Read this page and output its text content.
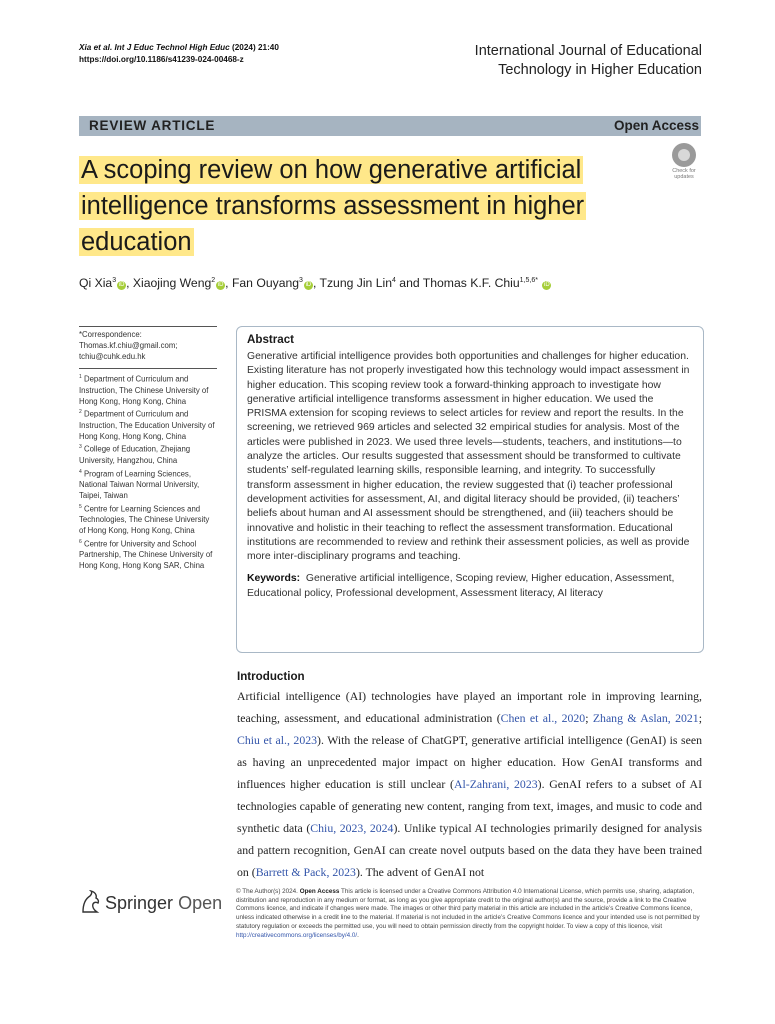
Xia et al. Int J Educ Technol High Educ (2024) 21:40
https://doi.org/10.1186/s41239-024-00468-z
International Journal of Educational
Technology in Higher Education
REVIEW ARTICLE	Open Access
A scoping review on how generative artificial intelligence transforms assessment in higher education
Check for
updates
Qi Xia$^3$iD , Xiaojing Weng$^2$iD , Fan Ouyang$^3$iD , Tzung Jin Lin$^4$ and Thomas K.F. Chiu$^{1,5,6*}$ iD
*Correspondence:
Thomas.kf.chiu@gmail.com;
tchiu@cuhk.edu.hk

$^1$ Department of Curriculum and Instruction, The Chinese University of Hong Kong, Hong Kong, China

$^2$ Department of Curriculum and Instruction, The Education University of Hong Kong, Hong Kong, China

$^3$ College of Education, Zhejiang University, Hangzhou, China

$^4$ Program of Learning Sciences, National Taiwan Normal University, Taipei, Taiwan

$^5$ Centre for Learning Sciences and Technologies, The Chinese University of Hong Kong, Hong Kong, China

$^6$ Centre for University and School Partnership, The Chinese University of Hong Kong, Hong Kong SAR, China

Abstract
Generative artificial intelligence provides both opportunities and challenges for higher education. Existing literature has not properly investigated how this technology would impact assessment in higher education. This scoping review took a forward-thinking approach to investigate how generative artificial intelligence transforms assessment in higher education. We used the PRISMA extension for scoping reviews to select articles for review and report the results. In the screening, we retrieved 969 articles and selected 32 empirical studies for analysis. Most of the articles were published in 2023. We used three levels—students, teachers, and institutions—to analyze the articles. Our results suggested that assessment should be transformed to cultivate students’ self-regulated learning skills, responsible learning, and integrity. To successfully transform assessment in higher education, the review suggested that (i) teacher professional development activities for assessment, AI, and digital literacy should be provided, (ii) teachers’ beliefs about human and AI assessment should be strengthened, and (iii) teachers should be innovative and holistic in their teaching to reflect the assessment transformation. Educational institutions are recommended to review and rethink their assessment policies, as well as provide more inter-disciplinary programs and teaching.
Keywords: Generative artificial intelligence, Scoping review, Higher education, Assessment, Educational policy, Professional development, Assessment literacy, AI literacy
Introduction
Artificial intelligence (AI) technologies have played an important role in improving learning, teaching, assessment, and educational administration (Chen et al., 2020; Zhang & Aslan, 2021; Chiu et al., 2023). With the release of ChatGPT, generative artificial intelligence (GenAI) is seen as having an unprecedented major impact on higher education. How GenAI transforms and influences higher education is still unclear (Al-Zahrani, 2023). GenAI refers to a subset of AI technologies capable of generating new content, ranging from text, images, and music to code and synthetic data (Chiu, 2023, 2024). Unlike typical AI technologies primarily designed for analysis and pattern recognition, GenAI can create novel outputs based on the data they have been trained on (Barrett & Pack, 2023). The advent of GenAI not
Springer Open
© The Author(s) 2024. Open Access This article is licensed under a Creative Commons Attribution 4.0 International License, which permits use, sharing, adaptation, distribution and reproduction in any medium or format, as long as you give appropriate credit to the original author(s) and the source, provide a link to the Creative Commons licence, and indicate if changes were made. The images or other third party material in this article are included in the article’s Creative Commons licence, unless indicated otherwise in a credit line to the material. If material is not included in the article’s Creative Commons licence and your intended use is not permitted by statutory regulation or exceeds the permitted use, you will need to obtain permission directly from the copyright holder. To view a copy of this licence, visit http://creativecommons.org/licenses/by/4.0/.
